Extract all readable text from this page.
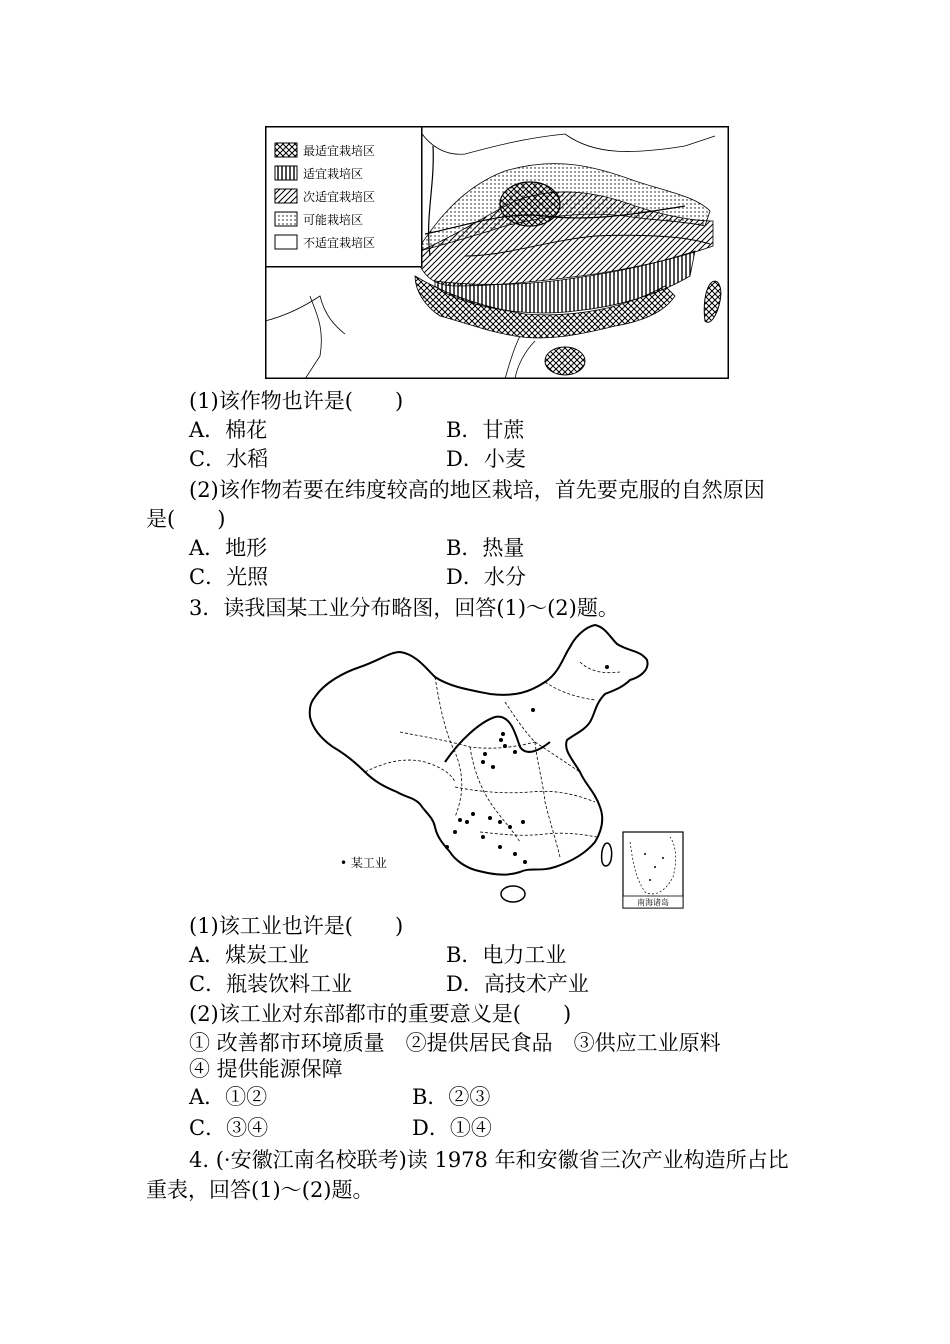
最适宜栽培区
适宜栽培区
次适宜栽培区
可能栽培区
不适宜栽培区
(1)该作物也许是(　　)
A．棉花	B．甘蔗
C．水稻	D．小麦
(2)该作物若要在纬度较高的地区栽培，首先要克服的自然原因
是(　　)
A．地形	B．热量
C．光照	D．水分
3．读我国某工业分布略图，回答(1)～(2)题。
• 某工业
南海诸岛
(1)该工业也许是(　　)
A．煤炭工业	B．电力工业
C．瓶装饮料工业	D．高技术产业
(2)该工业对东部都市的重要意义是(　　)
① 改善都市环境质量　②提供居民食品　③供应工业原料
④ 提供能源保障
A．①②	B．②③
C．③④	D．①④
4. (·安徽江南名校联考)读 1978 年和安徽省三次产业构造所占比
重表，回答(1)～(2)题。
